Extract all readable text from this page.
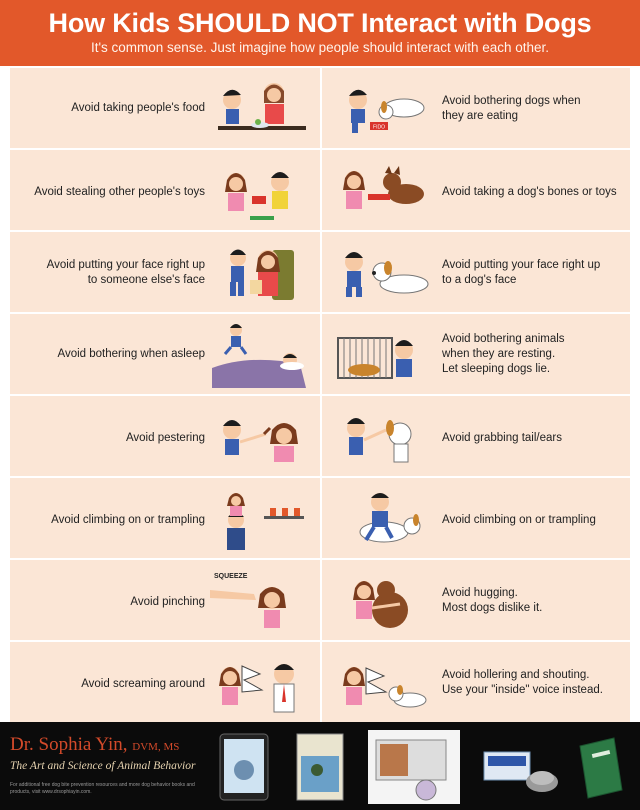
How Kids SHOULD NOT Interact with Dogs

It's common sense. Just imagine how people should interact with each other.

Avoid taking people's food
FIDO
Avoid bothering dogs when
they are eating
Avoid stealing other people's toys	Avoid taking a dog's bones or toys
Avoid putting your face right up
to someone else's face
Avoid putting your face right up
to a dog's face
Avoid bothering when asleep
Avoid bothering animals
when they are resting.
Let sleeping dogs lie.
Avoid pestering	Avoid grabbing tail/ears
Avoid climbing on or trampling	Avoid climbing on or trampling
Avoid pinching
SQUEEZE
Avoid hugging.
Most dogs dislike it.
Avoid screaming around
Avoid hollering and shouting.
Use your "inside" voice instead.
Dr. Sophia Yin, DVM, MS
The Art and Science of Animal Behavior
For additional free dog bite prevention resources and more dog behavior books and products, visit www.drsophiayin.com.
